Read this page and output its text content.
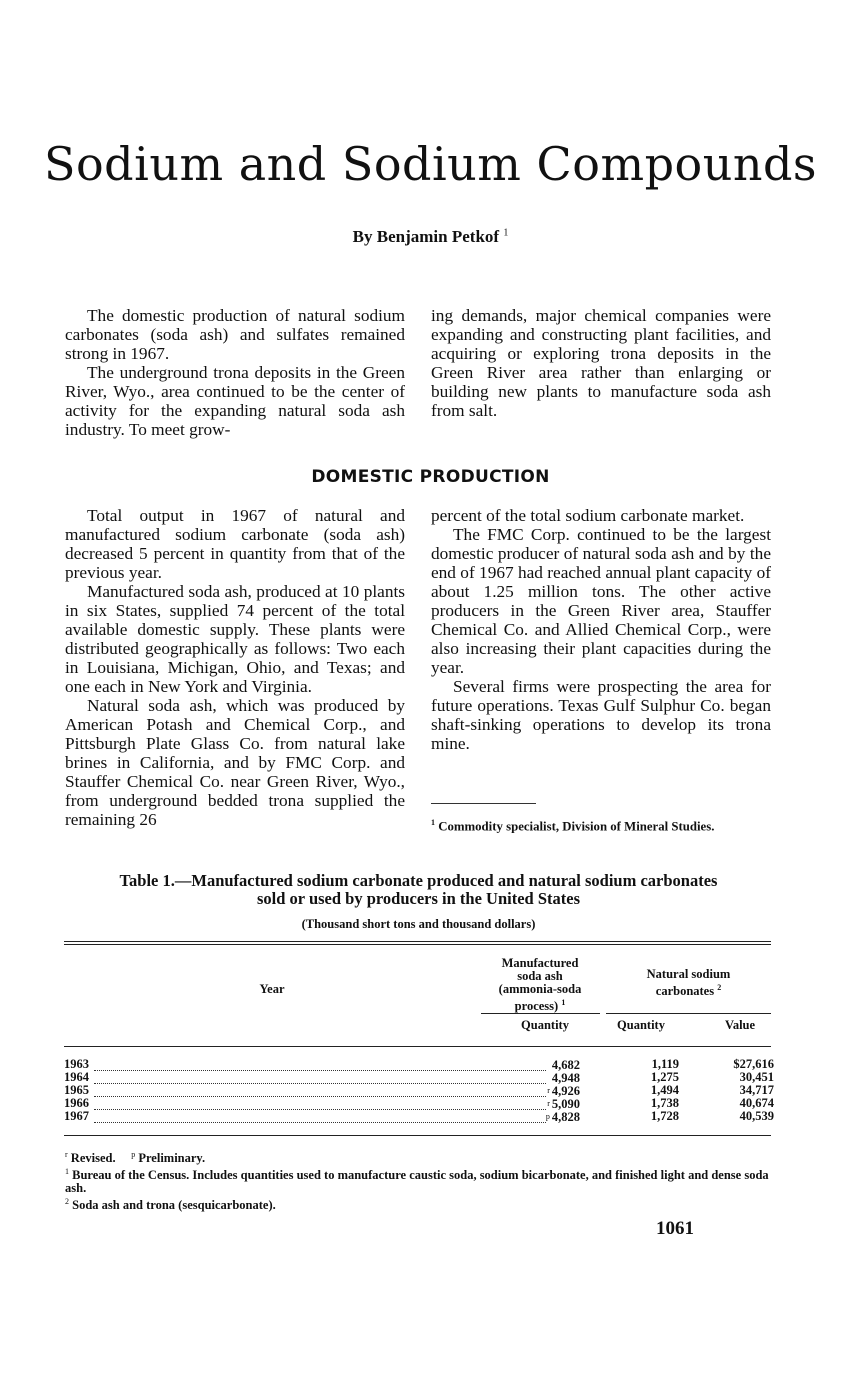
Sodium and Sodium Compounds
By Benjamin Petkof $^1$

The domestic production of natural sodium carbonates (soda ash) and sulfates remained strong in 1967.

The underground trona deposits in the Green River, Wyo., area continued to be the center of activity for the expanding natural soda ash industry. To meet grow-

ing demands, major chemical companies were expanding and constructing plant facilities, and acquiring or exploring trona deposits in the Green River area rather than enlarging or building new plants to manufacture soda ash from salt.

DOMESTIC PRODUCTION

Total output in 1967 of natural and manufactured sodium carbonate (soda ash) decreased 5 percent in quantity from that of the previous year.

Manufactured soda ash, produced at 10 plants in six States, supplied 74 percent of the total available domestic supply. These plants were distributed geographically as follows: Two each in Louisiana, Michigan, Ohio, and Texas; and one each in New York and Virginia.

Natural soda ash, which was produced by American Potash and Chemical Corp., and Pittsburgh Plate Glass Co. from natural lake brines in California, and by FMC Corp. and Stauffer Chemical Co. near Green River, Wyo., from underground bedded trona supplied the remaining 26

percent of the total sodium carbonate market.

The FMC Corp. continued to be the largest domestic producer of natural soda ash and by the end of 1967 had reached annual plant capacity of about 1.25 million tons. The other active producers in the Green River area, Stauffer Chemical Co. and Allied Chemical Corp., were also increasing their plant capacities during the year.

Several firms were prospecting the area for future operations. Texas Gulf Sulphur Co. began shaft-sinking operations to develop its trona mine.

$^1$ Commodity specialist, Division of Mineral Studies.
Table 1.—Manufactured sodium carbonate produced and natural sodium carbonates
sold or used by producers in the United States
(Thousand short tons and thousand dollars)
Year
Manufactured
soda ash
(ammonia-soda
process) $^1$
Natural sodium
carbonates $^2$
Quantity	Quantity	Value
1963	4,682	1,119	$27,616
1964	4,948	1,275	30,451
1965	r 4,926	1,494	34,717
1966	r 5,090	1,738	40,674
1967	p 4,828	1,728	40,539
$^r$ Revised. $^p$ Preliminary.
$^1$ Bureau of the Census. Includes quantities used to manufacture caustic soda, sodium bicarbonate, and finished light and dense soda ash.
$^2$ Soda ash and trona (sesquicarbonate).
1061
